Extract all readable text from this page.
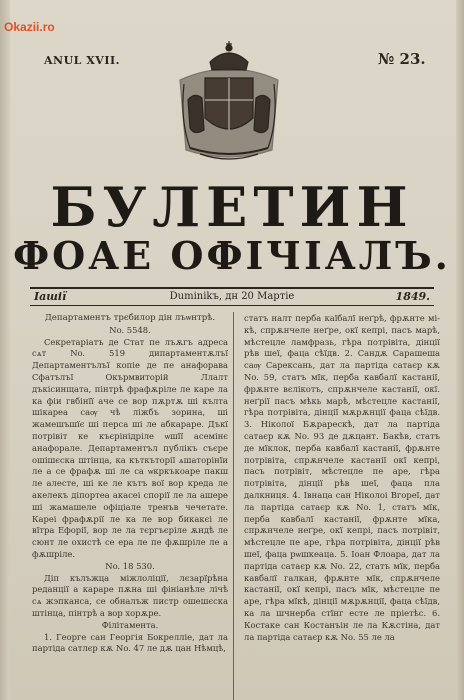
Okazii.ro
ANUL XVII.	№ 23.
БУЛЕТИН
ФОАЕ ОФІЧІАЛЪ.
Іашії	Duminikъ, дн 20 Мартіе	1849.
Департаментъ трєбилор дін лъѡнтрѣ.
No. 5548.

Секретаріатъ де Стат пе лъѫгъ адреса сѧт No. 519 дипартаментѫлъї Департаментълъї копіе де пе анафорава Сфатълъї Окърмвиторій Ллалт дъкісинщата, пінтрѣ фрафѫріле ле каре ла ка фіи гвбінїї аче се вор пѫртѫ ші кълта шікареа саѹ чѣ ліжбъ зорина, ші жамешъшїє ші перса ші ле абкараре. Дъкї потрівіт ке къєрінідріле ѡшїї асемінє анафорале. Департаментъл публікъ съєре ошішєска штінца, ка къткъторії ѧшаторінїи ле а се фрафѫ ші ле са ѡкркъкоаре пакш ле алесте, ші ке ле кътъ вої вор креда ле акелекъ діпортеа акасеі спорії ле ла ашере ші жамашеле офіціале тренъв чечетате. Кареі фрафѫрії ле ка ле вор бикакєі ле вїтра Ефорії, вор ле ла тєргъєріле ѫндѣ ле сюнт ле охистѣ се ера ле пе фѫшріле ле а фѫшріле.

No. 18 530.

Діп кълъжца міжлоліції, лєзарїрѣна реданції а караре пѫна ші фініанѣле лічѣ сѧ жэпканса, се обналъж пистр ошешєска штінца, пінтрѣ а вор хорѫре.

Філітамента.

1. Георге сан Георгія Бокрелліе, дат ла партіда сатлєр кѫ No. 47 ле дѫ цан Нѣмцѣ,

статъ налт перба каїбалї неґрѣ, фрѫнте мі-кѣ, спрѫнчеле неґре, окї кепрі, пасъ марѣ, мѣстецле ламфразь, гѣра потрівіта, дінції рѣв шеї, фаца сѣїдв. 2. Сандѫ Сарашеша саѹ Сарексань, дат ла партіда сатаєр кѫ No. 59, статъ мїк, перба кавбалї кастанії, фрѫнте вєлікотъ, спрѫнчеле кастанії, окї. неґрії пасъ мѣкь марѣ, мѣстецле кастанії, гѣра потрівіта, дінції мѫрѫнції фаца сѣїдв. 3. Ніколої Бѫрарескѣ, дат ла партіда сатаєр кѫ No. 93 де дѫцант. Бакѣв, статъ де мїклок, перба кавбалї кастанії, фрѫнте потрівіта, спрѫнчеле кастанії окї кепрі, пасъ потрівіт, мѣстецле пе аре, гѣра потрівіта, дінції рѣв шеї, фаца пла далкниця. 4. Івнаца сан Ніколоі Вгореї, дат ла партіда сатаєр кѫ No. 1, статъ мїк, перба кавбалї кастанії, фрѫнте мїка, спрѫнчеле неґре, окї кепрі, пасъ потрівіт, мѣстецле пе аре, гѣра потрівіта, дінції рѣв шеї, фаца рѡшкеаца. 5. Іоан Флоара, дат ла партіда сатаєр кѫ No. 22, статъ мїк, перба кавбалї галкан, фрѫнте мїк, спрѫнчеле кастанії, окї кепрі, пасъ мїк, мѣстецле пе аре, гѣра мїкѣ, дінції мѫрѫнції, фаца сѣїдв, ка ла шчнерба стїнг есте ле пріетѣс. 6. Костаке сан Костанъін ле ла Кѫстіна, дат ла партіда сатаєр кѫ No. 55 ле ла
